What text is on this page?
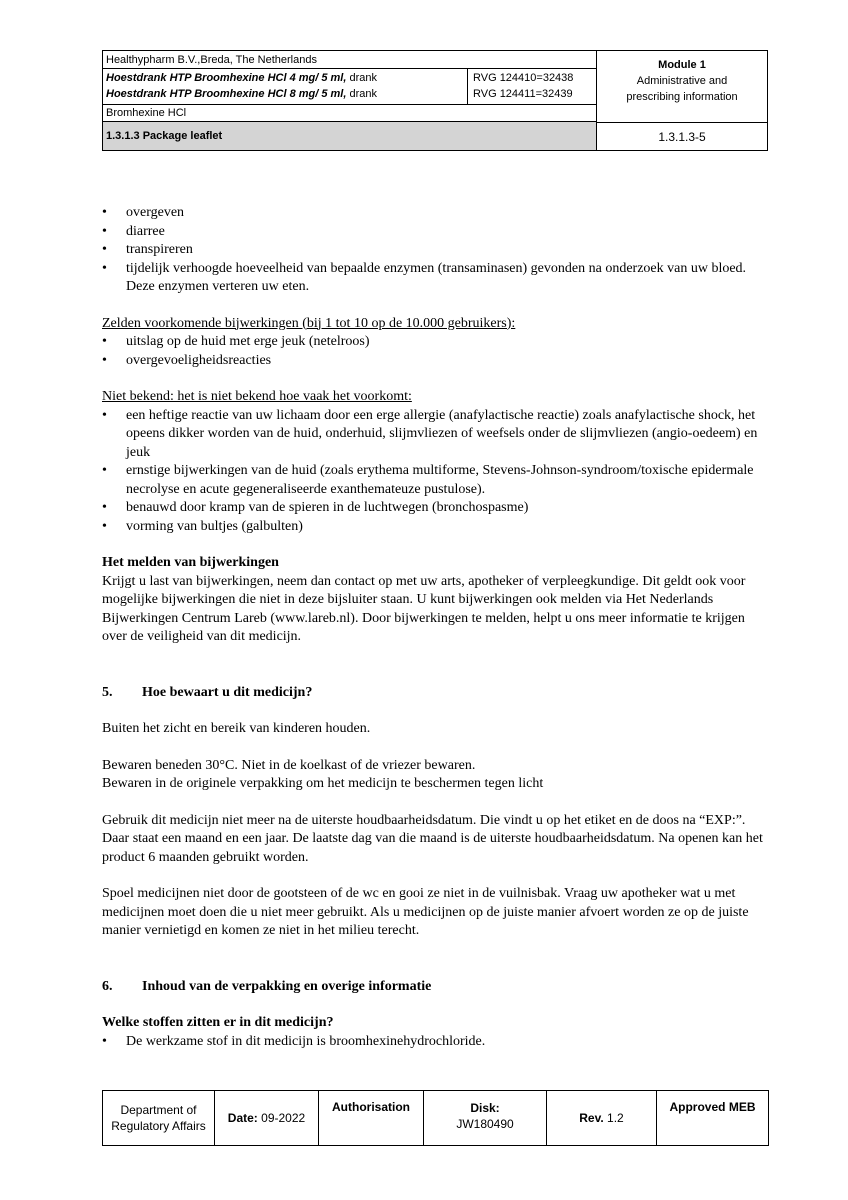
Healthypharm B.V.,Breda, The Netherlands
Hoestdrank HTP Broomhexine HCl 4 mg/ 5 ml, drank
Hoestdrank HTP Broomhexine HCl 8 mg/ 5 ml, drank
RVG 124410=32438
RVG 124411=32439
Bromhexine HCl
1.3.1.3 Package leaflet
Module 1
Administrative and
prescribing information
1.3.1.3-5
• overgeven
• diarree
• transpireren
• tijdelijk verhoogde hoeveelheid van bepaalde enzymen (transaminasen) gevonden na onderzoek van uw bloed. Deze enzymen verteren uw eten.

Zelden voorkomende bijwerkingen (bij 1 tot 10 op de 10.000 gebruikers):

• uitslag op de huid met erge jeuk (netelroos)
• overgevoeligheidsreacties

Niet bekend: het is niet bekend hoe vaak het voorkomt:

• een heftige reactie van uw lichaam door een erge allergie (anafylactische reactie) zoals anafylactische shock, het opeens dikker worden van de huid, onderhuid, slijmvliezen of weefsels onder de slijmvliezen (angio-oedeem) en jeuk
• ernstige bijwerkingen van de huid (zoals erythema multiforme, Stevens-Johnson-syndroom/toxische epidermale necrolyse en acute gegeneraliseerde exanthemateuze pustulose).
• benauwd door kramp van de spieren in de luchtwegen (bronchospasme)
• vorming van bultjes (galbulten)

Het melden van bijwerkingen

Krijgt u last van bijwerkingen, neem dan contact op met uw arts, apotheker of verpleegkundige. Dit geldt ook voor mogelijke bijwerkingen die niet in deze bijsluiter staan. U kunt bijwerkingen ook melden via Het Nederlands Bijwerkingen Centrum Lareb (www.lareb.nl). Door bijwerkingen te melden, helpt u ons meer informatie te krijgen over de veiligheid van dit medicijn.

5. Hoe bewaart u dit medicijn?

Buiten het zicht en bereik van kinderen houden.

Bewaren beneden 30°C. Niet in de koelkast of de vriezer bewaren.

Bewaren in de originele verpakking om het medicijn te beschermen tegen licht

Gebruik dit medicijn niet meer na de uiterste houdbaarheidsdatum. Die vindt u op het etiket en de doos na “EXP:”. Daar staat een maand en een jaar. De laatste dag van die maand is de uiterste houdbaarheidsdatum. Na openen kan het product 6 maanden gebruikt worden.

Spoel medicijnen niet door de gootsteen of de wc en gooi ze niet in de vuilnisbak. Vraag uw apotheker wat u met medicijnen moet doen die u niet meer gebruikt. Als u medicijnen op de juiste manier afvoert worden ze op de juiste manier vernietigd en komen ze niet in het milieu terecht.

6. Inhoud van de verpakking en overige informatie

Welke stoffen zitten er in dit medicijn?

• De werkzame stof in dit medicijn is broomhexinehydrochloride.
Department of
Regulatory Affairs
Date: 09-2022
Authorisation	Disk:
JW180490	Rev. 1.2
Approved MEB
